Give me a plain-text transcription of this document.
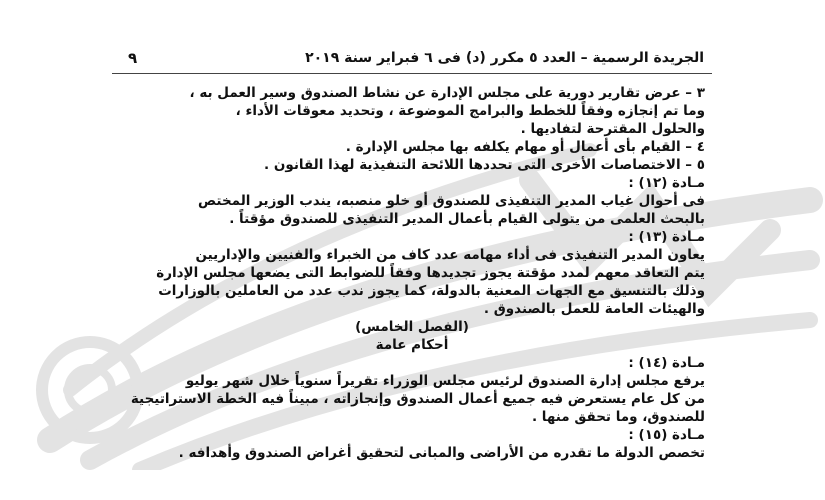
الجريدة الرسمية – العدد ٥ مكرر (د) فى ٦ فبراير سنة ٢٠١٩
٩
٣ – عرض تقارير دورية على مجلس الإدارة عن نشاط الصندوق وسير العمل به ،
وما تم إنجازه وفقاً للخطط والبرامج الموضوعة ، وتحديد معوقات الأداء ،
والحلول المقترحة لتفاديها .
٤ – القيام بأى أعمال أو مهام يكلفه بها مجلس الإدارة .
٥ – الاختصاصات الأخرى التى تحددها اللائحة التنفيذية لهذا القانون .
مـادة (١٢) :
فى أحوال غياب المدير التنفيذى للصندوق أو خلو منصبه، يندب الوزير المختص
بالبحث العلمى من يتولى القيام بأعمال المدير التنفيذى للصندوق مؤقتاً .
مـادة (١٣) :
يعاون المدير التنفيذى فى أداء مهامه عدد كاف من الخبراء والفنيين والإداريين
يتم التعاقد معهم لمدد مؤقتة يجوز تجديدها وفقاً للضوابط التى يضعها مجلس الإدارة
وذلك بالتنسيق مع الجهات المعنية بالدولة، كما يجوز ندب عدد من العاملين بالوزارات
والهيئات العامة للعمل بالصندوق .
(الفصل الخامس)
أحكام عامة
مـادة (١٤) :
يرفع مجلس إدارة الصندوق لرئيس مجلس الوزراء تقريراً سنوياً خلال شهر يوليو
من كل عام يستعرض فيه جميع أعمال الصندوق وإنجازاته ، مبيناً فيه الخطة الاستراتيجية
للصندوق، وما تحقق منها .
مـادة (١٥) :
تخصص الدولة ما تقدره من الأراضى والمبانى لتحقيق أغراض الصندوق وأهدافه .
